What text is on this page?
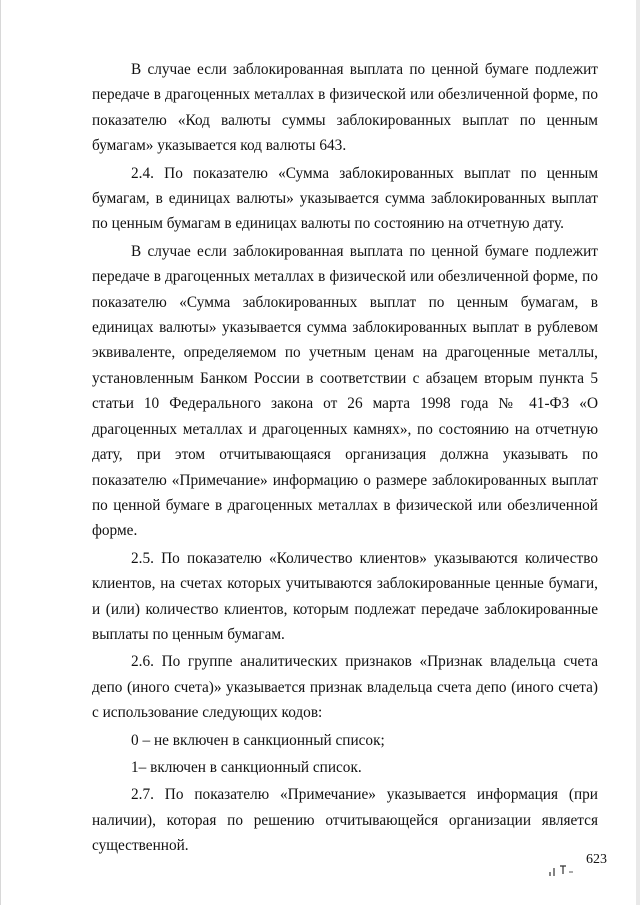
В случае если заблокированная выплата по ценной бумаге подлежит передаче в драгоценных металлах в физической или обезличенной форме, по показателю «Код валюты суммы заблокированных выплат по ценным бумагам» указывается код валюты 643.

2.4. По показателю «Сумма заблокированных выплат по ценным бумагам, в единицах валюты» указывается сумма заблокированных выплат по ценным бумагам в единицах валюты по состоянию на отчетную дату.

В случае если заблокированная выплата по ценной бумаге подлежит передаче в драгоценных металлах в физической или обезличенной форме, по показателю «Сумма заблокированных выплат по ценным бумагам, в единицах валюты» указывается сумма заблокированных выплат в рублевом эквиваленте, определяемом по учетным ценам на драгоценные металлы, установленным Банком России в соответствии с абзацем вторым пункта 5 статьи 10 Федерального закона от 26 марта 1998 года № 41-ФЗ «О драгоценных металлах и драгоценных камнях», по состоянию на отчетную дату, при этом отчитывающаяся организация должна указывать по показателю «Примечание» информацию о размере заблокированных выплат по ценной бумаге в драгоценных металлах в физической или обезличенной форме.

2.5. По показателю «Количество клиентов» указываются количество клиентов, на счетах которых учитываются заблокированные ценные бумаги, и (или) количество клиентов, которым подлежат передаче заблокированные выплаты по ценным бумагам.

2.6. По группе аналитических признаков «Признак владельца счета депо (иного счета)» указывается признак владельца счета депо (иного счета) с использование следующих кодов:

0 – не включен в санкционный список;

1– включен в санкционный список.

2.7. По показателю «Примечание» указывается информация (при наличии), которая по решению отчитывающейся организации является существенной.

623
